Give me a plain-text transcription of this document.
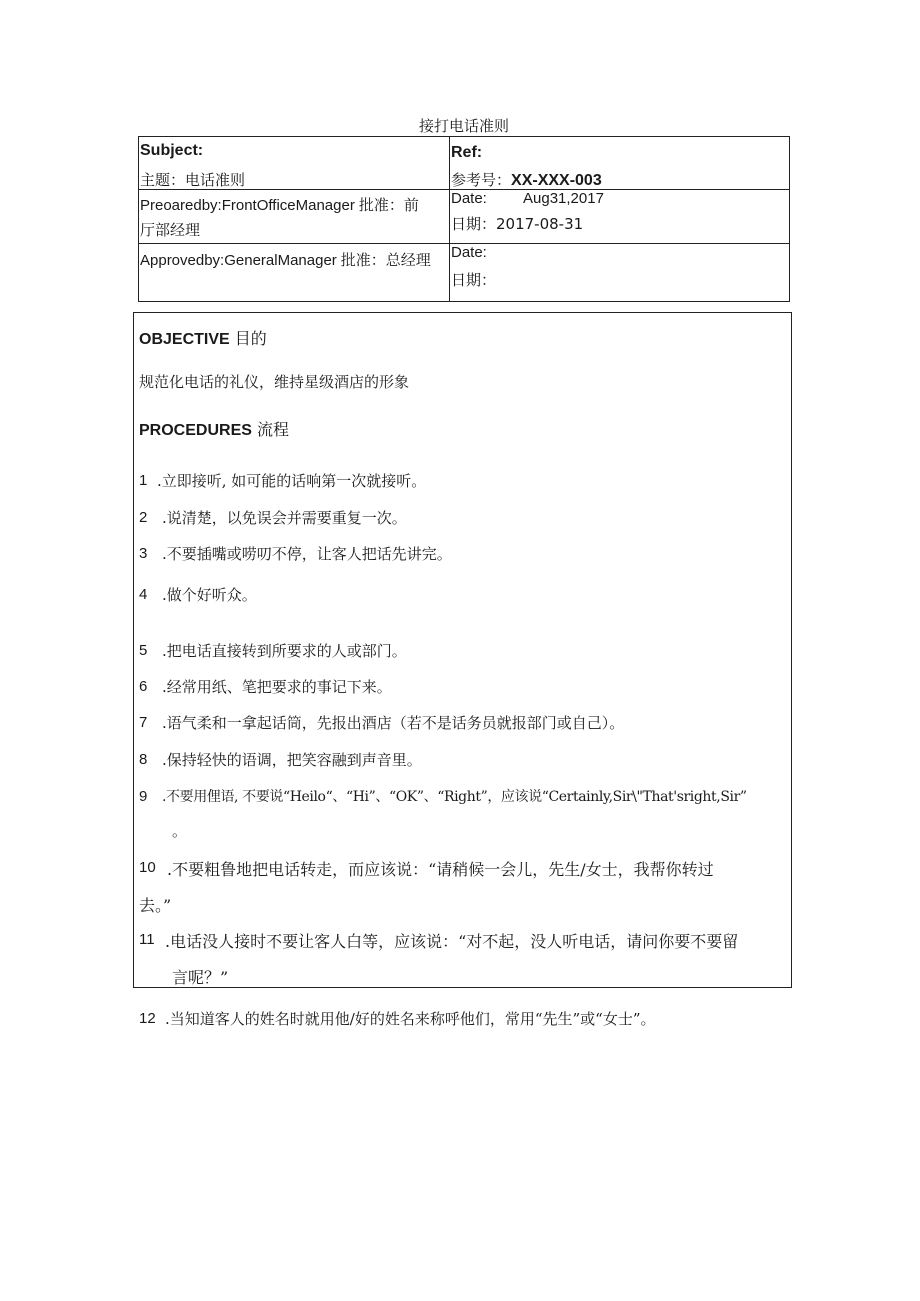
接打电话准则
Subject:
主题：电话准则
Ref:
参考号：XX-XXX-003
Preoaredby:FrontOfficeManager 批准：前
厅部经理
Date: Aug31,2017
日期：2017-08-31
Approvedby:GeneralManager 批准：总经理 Date:
日期：
OBJECTIVE 目的
规范化电话的礼仪，维持星级酒店的形象
PROCEDURES 流程
1 .立即接听, 如可能的话响第一次就接听。
2 .说清楚，以免误会并需要重复一次。
3 .不要插嘴或唠叨不停，让客人把话先讲完。
4 .做个好听众。
5 .把电话直接转到所要求的人或部门。
6 .经常用纸、笔把要求的事记下来。
7 .语气柔和一拿起话筒，先报出酒店（若不是话务员就报部门或自己）。
8 .保持轻快的语调，把笑容融到声音里。
9 .不要用俚语, 不要说“Heilo“、“Hi”、“OK”、“Right”，应该说“Certainly,Sir\"That'sright,Sir”
。
10 .不要粗鲁地把电话转走，而应该说：“请稍候一会儿，先生/女士，我帮你转过
去。”
11 .电话没人接时不要让客人白等，应该说：“对不起，没人听电话，请问你要不要留
言呢？”
12 .当知道客人的姓名时就用他/好的姓名来称呼他们，常用“先生”或“女士”。
